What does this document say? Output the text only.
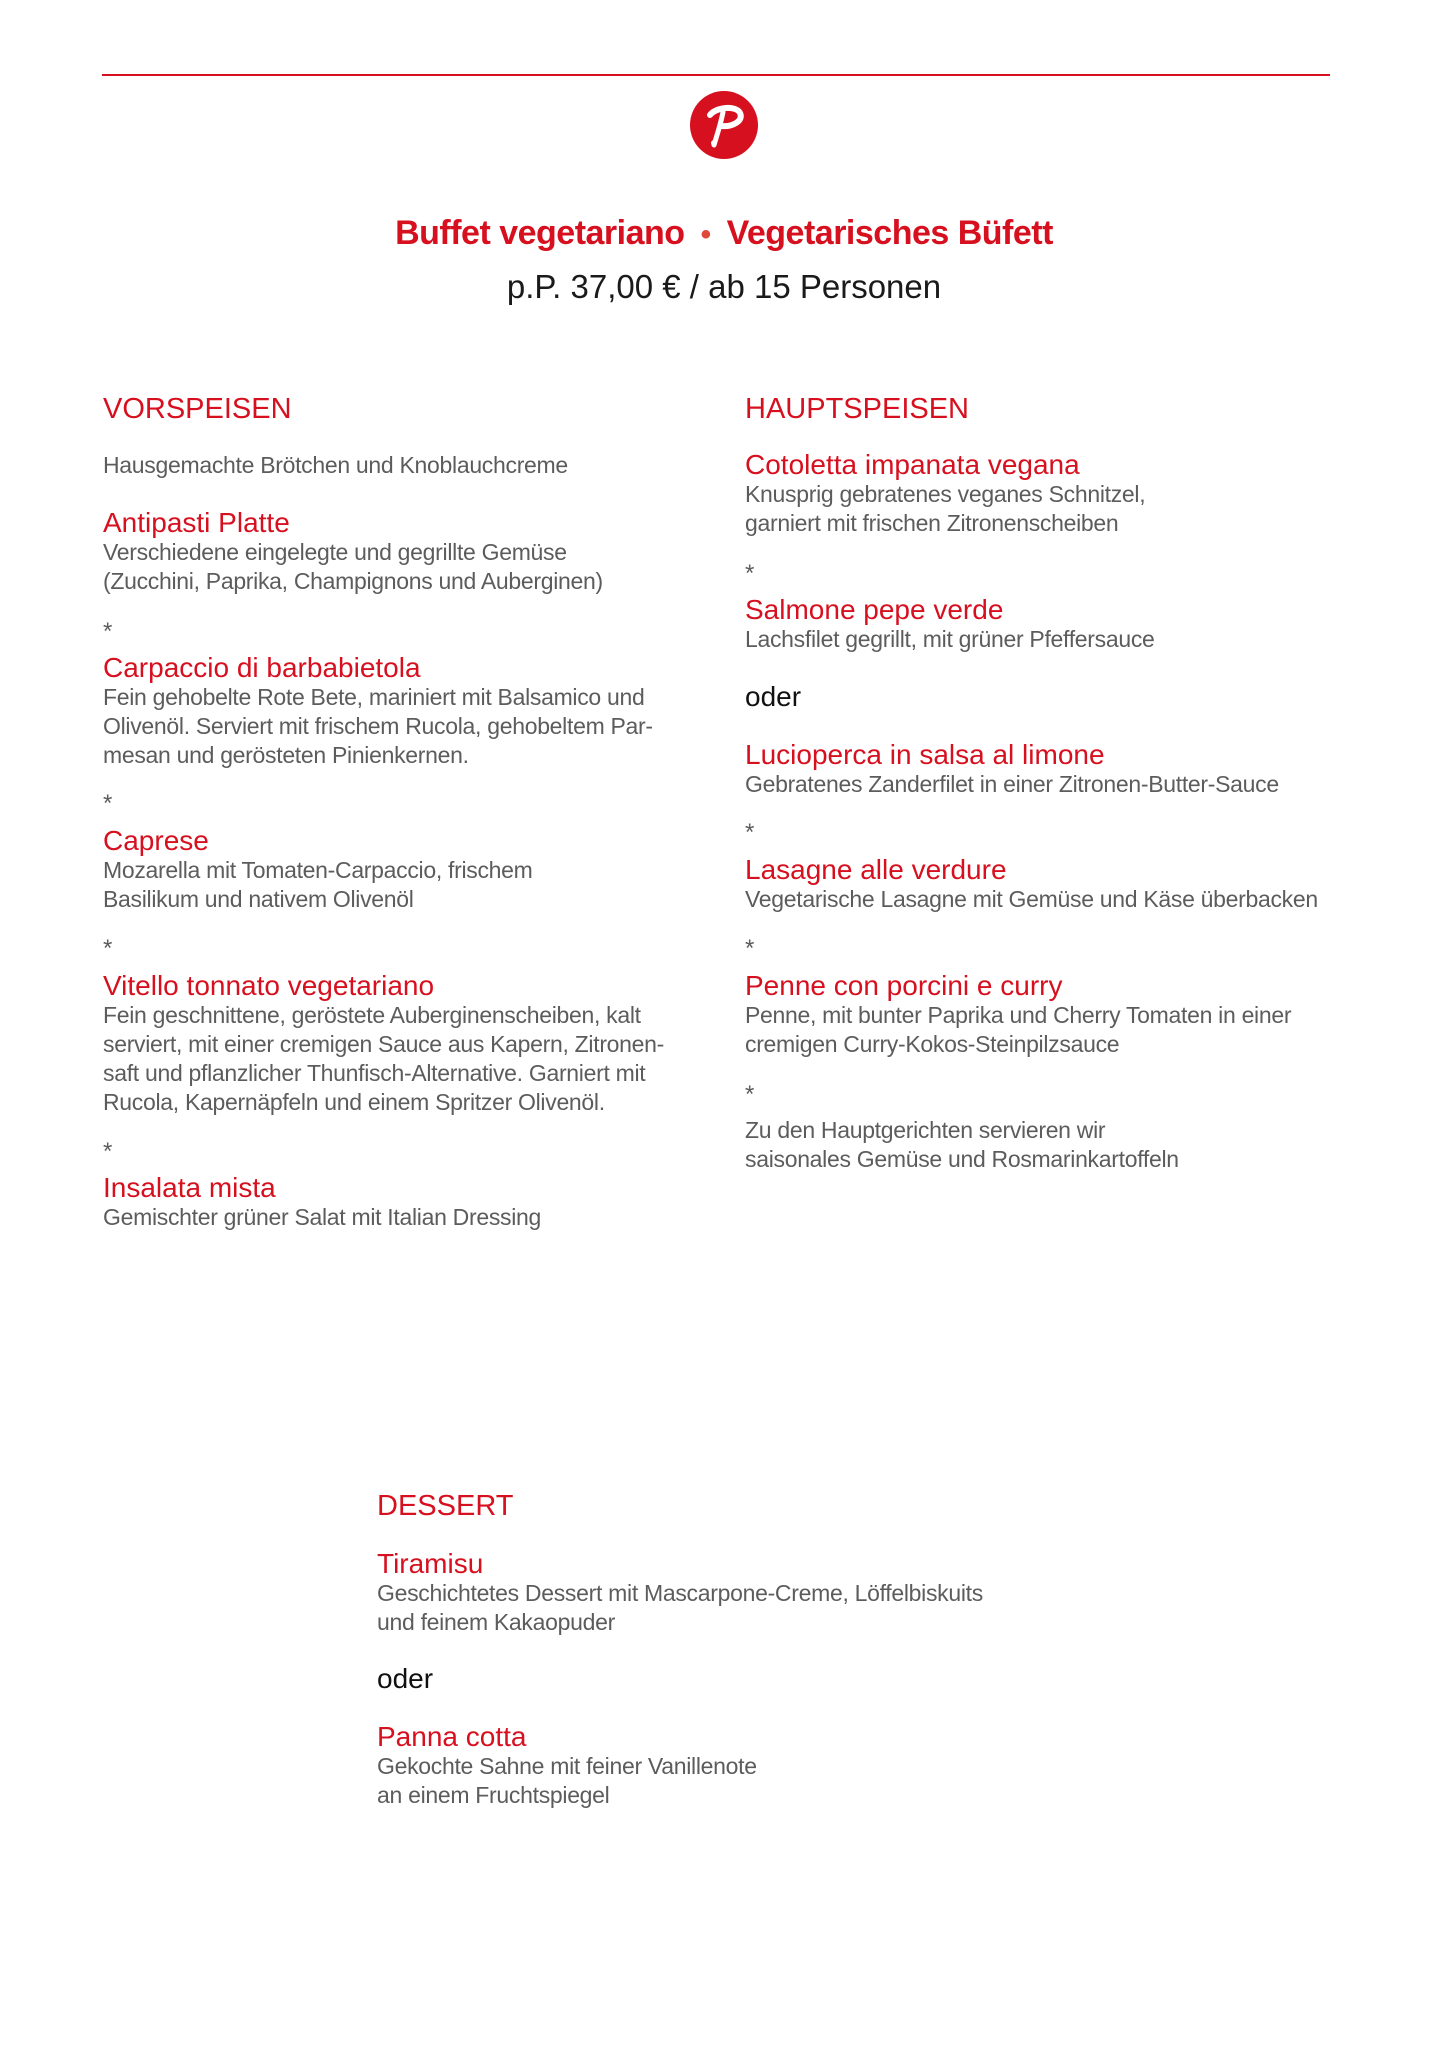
Buffet vegetariano • Vegetarisches Büfett
p.P. 37,00 € / ab 15 Personen
VORSPEISEN
Hausgemachte Brötchen und Knoblauchcreme
Antipasti Platte
Verschiedene eingelegte und gegrillte Gemüse
(Zucchini, Paprika, Champignons und Auberginen)
*
Carpaccio di barbabietola
Fein gehobelte Rote Bete, mariniert mit Balsamico und
Olivenöl. Serviert mit frischem Rucola, gehobeltem Par-
mesan und gerösteten Pinienkernen.
*
Caprese
Mozarella mit Tomaten-Carpaccio, frischem
Basilikum und nativem Olivenöl
*
Vitello tonnato vegetariano
Fein geschnittene, geröstete Auberginenscheiben, kalt
serviert, mit einer cremigen Sauce aus Kapern, Zitronen-
saft und pflanzlicher Thunfisch-Alternative. Garniert mit
Rucola, Kapernäpfeln und einem Spritzer Olivenöl.
*
Insalata mista
Gemischter grüner Salat mit Italian Dressing
HAUPTSPEISEN
Cotoletta impanata vegana
Knusprig gebratenes veganes Schnitzel,
garniert mit frischen Zitronenscheiben
*
Salmone pepe verde
Lachsfilet gegrillt, mit grüner Pfeffersauce
oder
Lucioperca in salsa al limone
Gebratenes Zanderfilet in einer Zitronen-Butter-Sauce
*
Lasagne alle verdure
Vegetarische Lasagne mit Gemüse und Käse überbacken
*
Penne con porcini e curry
Penne, mit bunter Paprika und Cherry Tomaten in einer
cremigen Curry-Kokos-Steinpilzsauce
*
Zu den Hauptgerichten servieren wir
saisonales Gemüse und Rosmarinkartoffeln
DESSERT
Tiramisu
Geschichtetes Dessert mit Mascarpone-Creme, Löffelbiskuits
und feinem Kakaopuder
oder
Panna cotta
Gekochte Sahne mit feiner Vanillenote
an einem Fruchtspiegel
